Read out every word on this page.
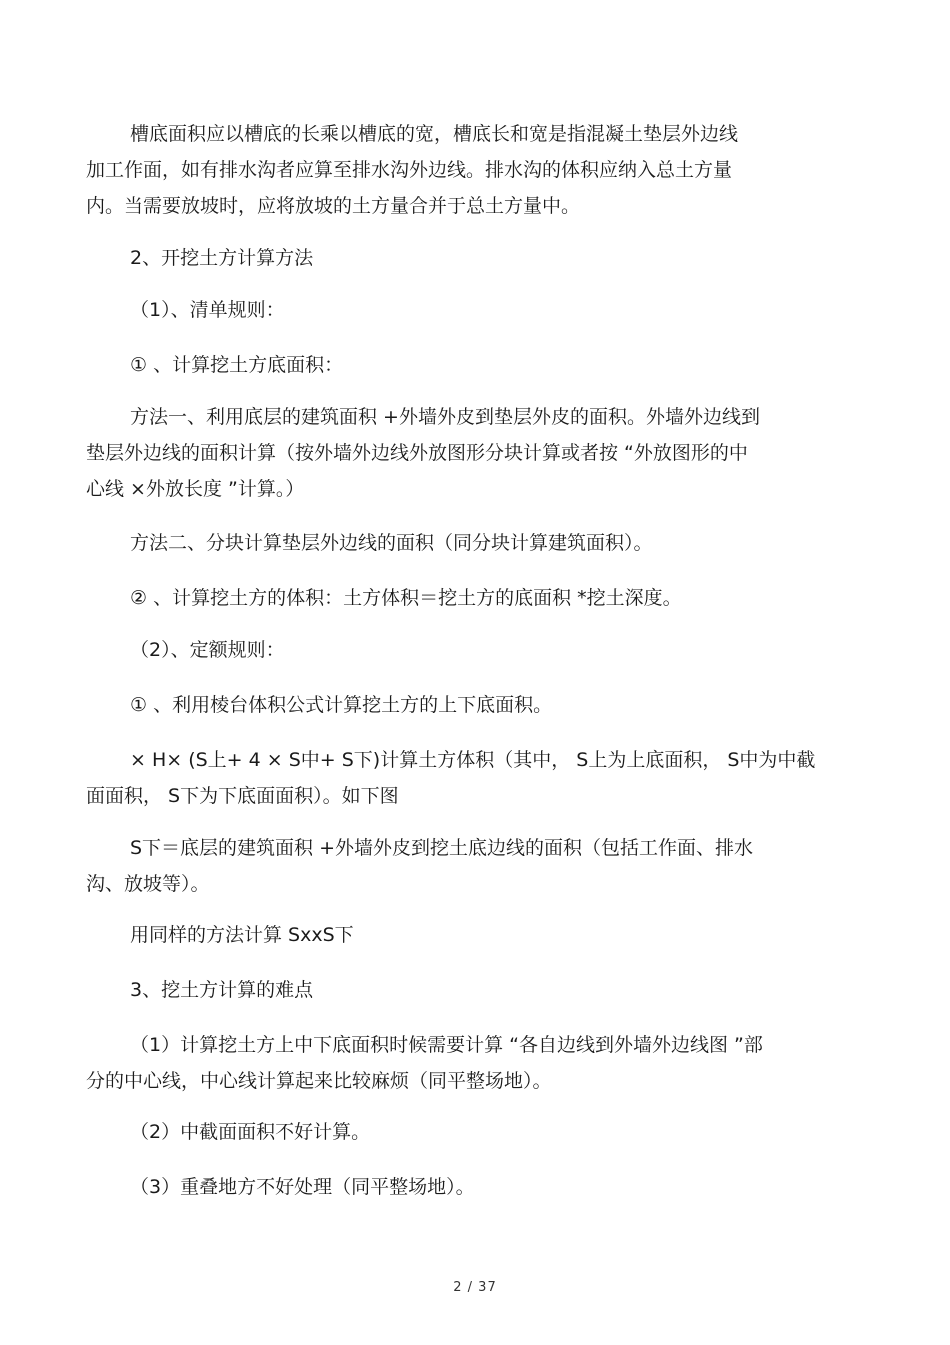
槽底面积应以槽底的长乘以槽底的宽，槽底长和宽是指混凝土垫层外边线
加工作面，如有排水沟者应算至排水沟外边线。排水沟的体积应纳入总土方量
内。当需要放坡时，应将放坡的土方量合并于总土方量中。

2、开挖土方计算方法

（1）、清单规则：

① 、计算挖土方底面积：

方法一、利用底层的建筑面积 +外墙外皮到垫层外皮的面积。外墙外边线到
垫层外边线的面积计算（按外墙外边线外放图形分块计算或者按 “外放图形的中
心线 ×外放长度 ”计算。）

方法二、分块计算垫层外边线的面积（同分块计算建筑面积）。

② 、计算挖土方的体积：土方体积＝挖土方的底面积 *挖土深度。

（2）、定额规则：

① 、利用棱台体积公式计算挖土方的上下底面积。

× H× (S上+ 4 × S中+ S下)计算土方体积（其中， S上为上底面积， S中为中截
面面积， S下为下底面面积）。如下图

S下＝底层的建筑面积 +外墙外皮到挖土底边线的面积（包括工作面、排水
沟、放坡等）。

用同样的方法计算 SxxS下

3、挖土方计算的难点

（1）计算挖土方上中下底面积时候需要计算 “各自边线到外墙外边线图 ”部
分的中心线，中心线计算起来比较麻烦（同平整场地）。

（2）中截面面积不好计算。

（3）重叠地方不好处理（同平整场地）。

2 / 37
